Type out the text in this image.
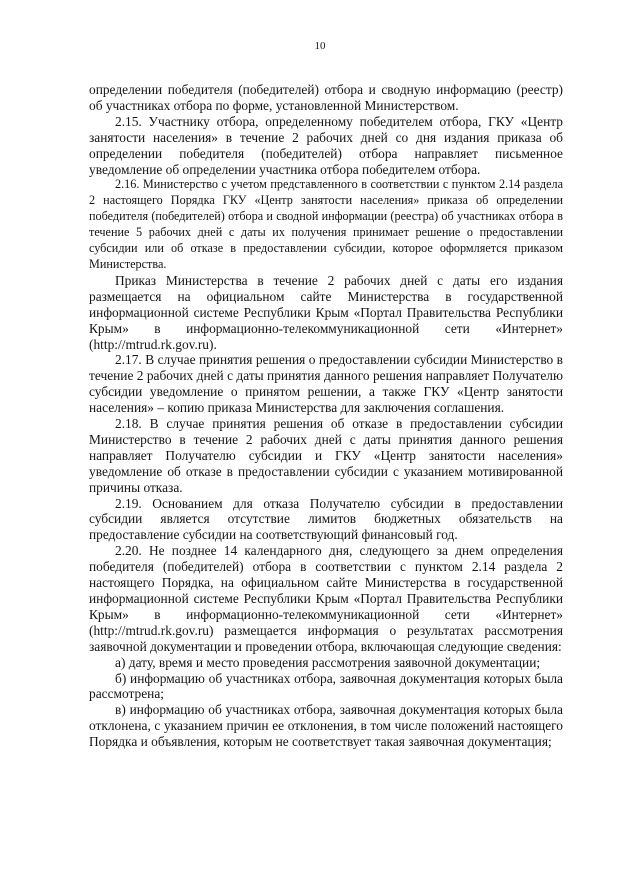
10

определении победителя (победителей) отбора и сводную информацию (реестр) об участниках отбора по форме, установленной Министерством.

2.15. Участнику отбора, определенному победителем отбора, ГКУ «Центр занятости населения» в течение 2 рабочих дней со дня издания приказа об определении победителя (победителей) отбора направляет письменное уведомление об определении участника отбора победителем отбора.

2.16. Министерство с учетом представленного в соответствии с пунктом 2.14 раздела 2 настоящего Порядка ГКУ «Центр занятости населения» приказа об определении победителя (победителей) отбора и сводной информации (реестра) об участниках отбора в течение 5 рабочих дней с даты их получения принимает решение о предоставлении субсидии или об отказе в предоставлении субсидии, которое оформляется приказом Министерства.

Приказ Министерства в течение 2 рабочих дней с даты его издания размещается на официальном сайте Министерства в государственной информационной системе Республики Крым «Портал Правительства Республики Крым» в информационно-телекоммуникационной сети «Интернет» (http://mtrud.rk.gov.ru).

2.17. В случае принятия решения о предоставлении субсидии Министерство в течение 2 рабочих дней с даты принятия данного решения направляет Получателю субсидии уведомление о принятом решении, а также ГКУ «Центр занятости населения» – копию приказа Министерства для заключения соглашения.

2.18. В случае принятия решения об отказе в предоставлении субсидии Министерство в течение 2 рабочих дней с даты принятия данного решения направляет Получателю субсидии и ГКУ «Центр занятости населения» уведомление об отказе в предоставлении субсидии с указанием мотивированной причины отказа.

2.19. Основанием для отказа Получателю субсидии в предоставлении субсидии является отсутствие лимитов бюджетных обязательств на предоставление субсидии на соответствующий финансовый год.

2.20. Не позднее 14 календарного дня, следующего за днем определения победителя (победителей) отбора в соответствии с пунктом 2.14 раздела 2 настоящего Порядка, на официальном сайте Министерства в государственной информационной системе Республики Крым «Портал Правительства Республики Крым» в информационно-телекоммуникационной сети «Интернет» (http://mtrud.rk.gov.ru) размещается информация о результатах рассмотрения заявочной документации и проведении отбора, включающая следующие сведения:

а) дату, время и место проведения рассмотрения заявочной документации;

б) информацию об участниках отбора, заявочная документация которых была рассмотрена;

в) информацию об участниках отбора, заявочная документация которых была отклонена, с указанием причин ее отклонения, в том числе положений настоящего Порядка и объявления, которым не соответствует такая заявочная документация;
